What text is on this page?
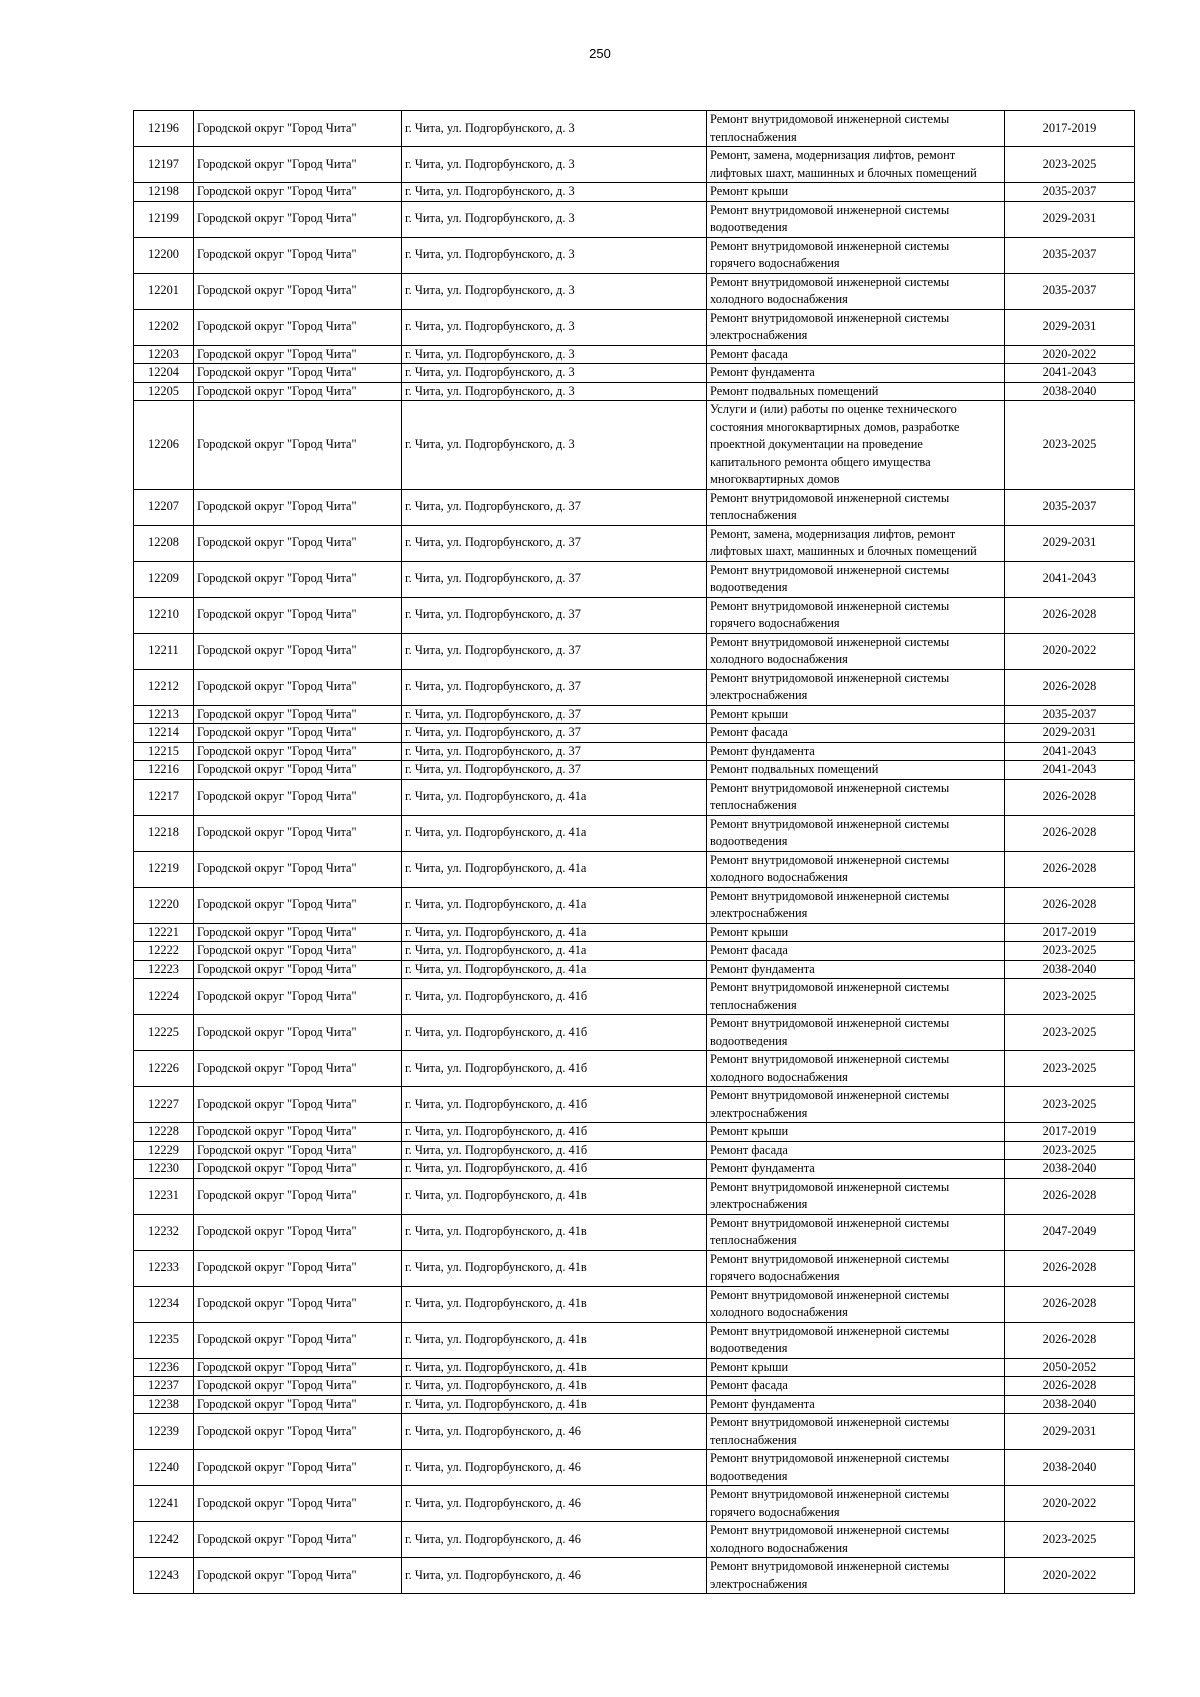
250
12196	Городской округ "Город Чита"	г. Чита, ул. Подгорбунского, д. 3	Ремонт внутридомовой инженерной системы
теплоснабжения	2017-2019
12197	Городской округ "Город Чита"	г. Чита, ул. Подгорбунского, д. 3	Ремонт, замена, модернизация лифтов, ремонт
лифтовых шахт, машинных и блочных помещений	2023-2025
12198	Городской округ "Город Чита"	г. Чита, ул. Подгорбунского, д. 3	Ремонт крыши	2035-2037
12199	Городской округ "Город Чита"	г. Чита, ул. Подгорбунского, д. 3	Ремонт внутридомовой инженерной системы
водоотведения	2029-2031
12200	Городской округ "Город Чита"	г. Чита, ул. Подгорбунского, д. 3	Ремонт внутридомовой инженерной системы
горячего водоснабжения	2035-2037
12201	Городской округ "Город Чита"	г. Чита, ул. Подгорбунского, д. 3	Ремонт внутридомовой инженерной системы
холодного водоснабжения	2035-2037
12202	Городской округ "Город Чита"	г. Чита, ул. Подгорбунского, д. 3	Ремонт внутридомовой инженерной системы
электроснабжения	2029-2031
12203	Городской округ "Город Чита"	г. Чита, ул. Подгорбунского, д. 3	Ремонт фасада	2020-2022
12204	Городской округ "Город Чита"	г. Чита, ул. Подгорбунского, д. 3	Ремонт фундамента	2041-2043
12205	Городской округ "Город Чита"	г. Чита, ул. Подгорбунского, д. 3	Ремонт подвальных помещений	2038-2040
12206	Городской округ "Город Чита"	г. Чита, ул. Подгорбунского, д. 3	Услуги и (или) работы по оценке технического
состояния многоквартирных домов, разработке
проектной документации на проведение
капитального ремонта общего имущества
многоквартирных домов	2023-2025
12207	Городской округ "Город Чита"	г. Чита, ул. Подгорбунского, д. 37	Ремонт внутридомовой инженерной системы
теплоснабжения	2035-2037
12208	Городской округ "Город Чита"	г. Чита, ул. Подгорбунского, д. 37	Ремонт, замена, модернизация лифтов, ремонт
лифтовых шахт, машинных и блочных помещений	2029-2031
12209	Городской округ "Город Чита"	г. Чита, ул. Подгорбунского, д. 37	Ремонт внутридомовой инженерной системы
водоотведения	2041-2043
12210	Городской округ "Город Чита"	г. Чита, ул. Подгорбунского, д. 37	Ремонт внутридомовой инженерной системы
горячего водоснабжения	2026-2028
12211	Городской округ "Город Чита"	г. Чита, ул. Подгорбунского, д. 37	Ремонт внутридомовой инженерной системы
холодного водоснабжения	2020-2022
12212	Городской округ "Город Чита"	г. Чита, ул. Подгорбунского, д. 37	Ремонт внутридомовой инженерной системы
электроснабжения	2026-2028
12213	Городской округ "Город Чита"	г. Чита, ул. Подгорбунского, д. 37	Ремонт крыши	2035-2037
12214	Городской округ "Город Чита"	г. Чита, ул. Подгорбунского, д. 37	Ремонт фасада	2029-2031
12215	Городской округ "Город Чита"	г. Чита, ул. Подгорбунского, д. 37	Ремонт фундамента	2041-2043
12216	Городской округ "Город Чита"	г. Чита, ул. Подгорбунского, д. 37	Ремонт подвальных помещений	2041-2043
12217	Городской округ "Город Чита"	г. Чита, ул. Подгорбунского, д. 41а	Ремонт внутридомовой инженерной системы
теплоснабжения	2026-2028
12218	Городской округ "Город Чита"	г. Чита, ул. Подгорбунского, д. 41а	Ремонт внутридомовой инженерной системы
водоотведения	2026-2028
12219	Городской округ "Город Чита"	г. Чита, ул. Подгорбунского, д. 41а	Ремонт внутридомовой инженерной системы
холодного водоснабжения	2026-2028
12220	Городской округ "Город Чита"	г. Чита, ул. Подгорбунского, д. 41а	Ремонт внутридомовой инженерной системы
электроснабжения	2026-2028
12221	Городской округ "Город Чита"	г. Чита, ул. Подгорбунского, д. 41а	Ремонт крыши	2017-2019
12222	Городской округ "Город Чита"	г. Чита, ул. Подгорбунского, д. 41а	Ремонт фасада	2023-2025
12223	Городской округ "Город Чита"	г. Чита, ул. Подгорбунского, д. 41а	Ремонт фундамента	2038-2040
12224	Городской округ "Город Чита"	г. Чита, ул. Подгорбунского, д. 41б	Ремонт внутридомовой инженерной системы
теплоснабжения	2023-2025
12225	Городской округ "Город Чита"	г. Чита, ул. Подгорбунского, д. 41б	Ремонт внутридомовой инженерной системы
водоотведения	2023-2025
12226	Городской округ "Город Чита"	г. Чита, ул. Подгорбунского, д. 41б	Ремонт внутридомовой инженерной системы
холодного водоснабжения	2023-2025
12227	Городской округ "Город Чита"	г. Чита, ул. Подгорбунского, д. 41б	Ремонт внутридомовой инженерной системы
электроснабжения	2023-2025
12228	Городской округ "Город Чита"	г. Чита, ул. Подгорбунского, д. 41б	Ремонт крыши	2017-2019
12229	Городской округ "Город Чита"	г. Чита, ул. Подгорбунского, д. 41б	Ремонт фасада	2023-2025
12230	Городской округ "Город Чита"	г. Чита, ул. Подгорбунского, д. 41б	Ремонт фундамента	2038-2040
12231	Городской округ "Город Чита"	г. Чита, ул. Подгорбунского, д. 41в	Ремонт внутридомовой инженерной системы
электроснабжения	2026-2028
12232	Городской округ "Город Чита"	г. Чита, ул. Подгорбунского, д. 41в	Ремонт внутридомовой инженерной системы
теплоснабжения	2047-2049
12233	Городской округ "Город Чита"	г. Чита, ул. Подгорбунского, д. 41в	Ремонт внутридомовой инженерной системы
горячего водоснабжения	2026-2028
12234	Городской округ "Город Чита"	г. Чита, ул. Подгорбунского, д. 41в	Ремонт внутридомовой инженерной системы
холодного водоснабжения	2026-2028
12235	Городской округ "Город Чита"	г. Чита, ул. Подгорбунского, д. 41в	Ремонт внутридомовой инженерной системы
водоотведения	2026-2028
12236	Городской округ "Город Чита"	г. Чита, ул. Подгорбунского, д. 41в	Ремонт крыши	2050-2052
12237	Городской округ "Город Чита"	г. Чита, ул. Подгорбунского, д. 41в	Ремонт фасада	2026-2028
12238	Городской округ "Город Чита"	г. Чита, ул. Подгорбунского, д. 41в	Ремонт фундамента	2038-2040
12239	Городской округ "Город Чита"	г. Чита, ул. Подгорбунского, д. 46	Ремонт внутридомовой инженерной системы
теплоснабжения	2029-2031
12240	Городской округ "Город Чита"	г. Чита, ул. Подгорбунского, д. 46	Ремонт внутридомовой инженерной системы
водоотведения	2038-2040
12241	Городской округ "Город Чита"	г. Чита, ул. Подгорбунского, д. 46	Ремонт внутридомовой инженерной системы
горячего водоснабжения	2020-2022
12242	Городской округ "Город Чита"	г. Чита, ул. Подгорбунского, д. 46	Ремонт внутридомовой инженерной системы
холодного водоснабжения	2023-2025
12243	Городской округ "Город Чита"	г. Чита, ул. Подгорбунского, д. 46	Ремонт внутридомовой инженерной системы
электроснабжения	2020-2022
